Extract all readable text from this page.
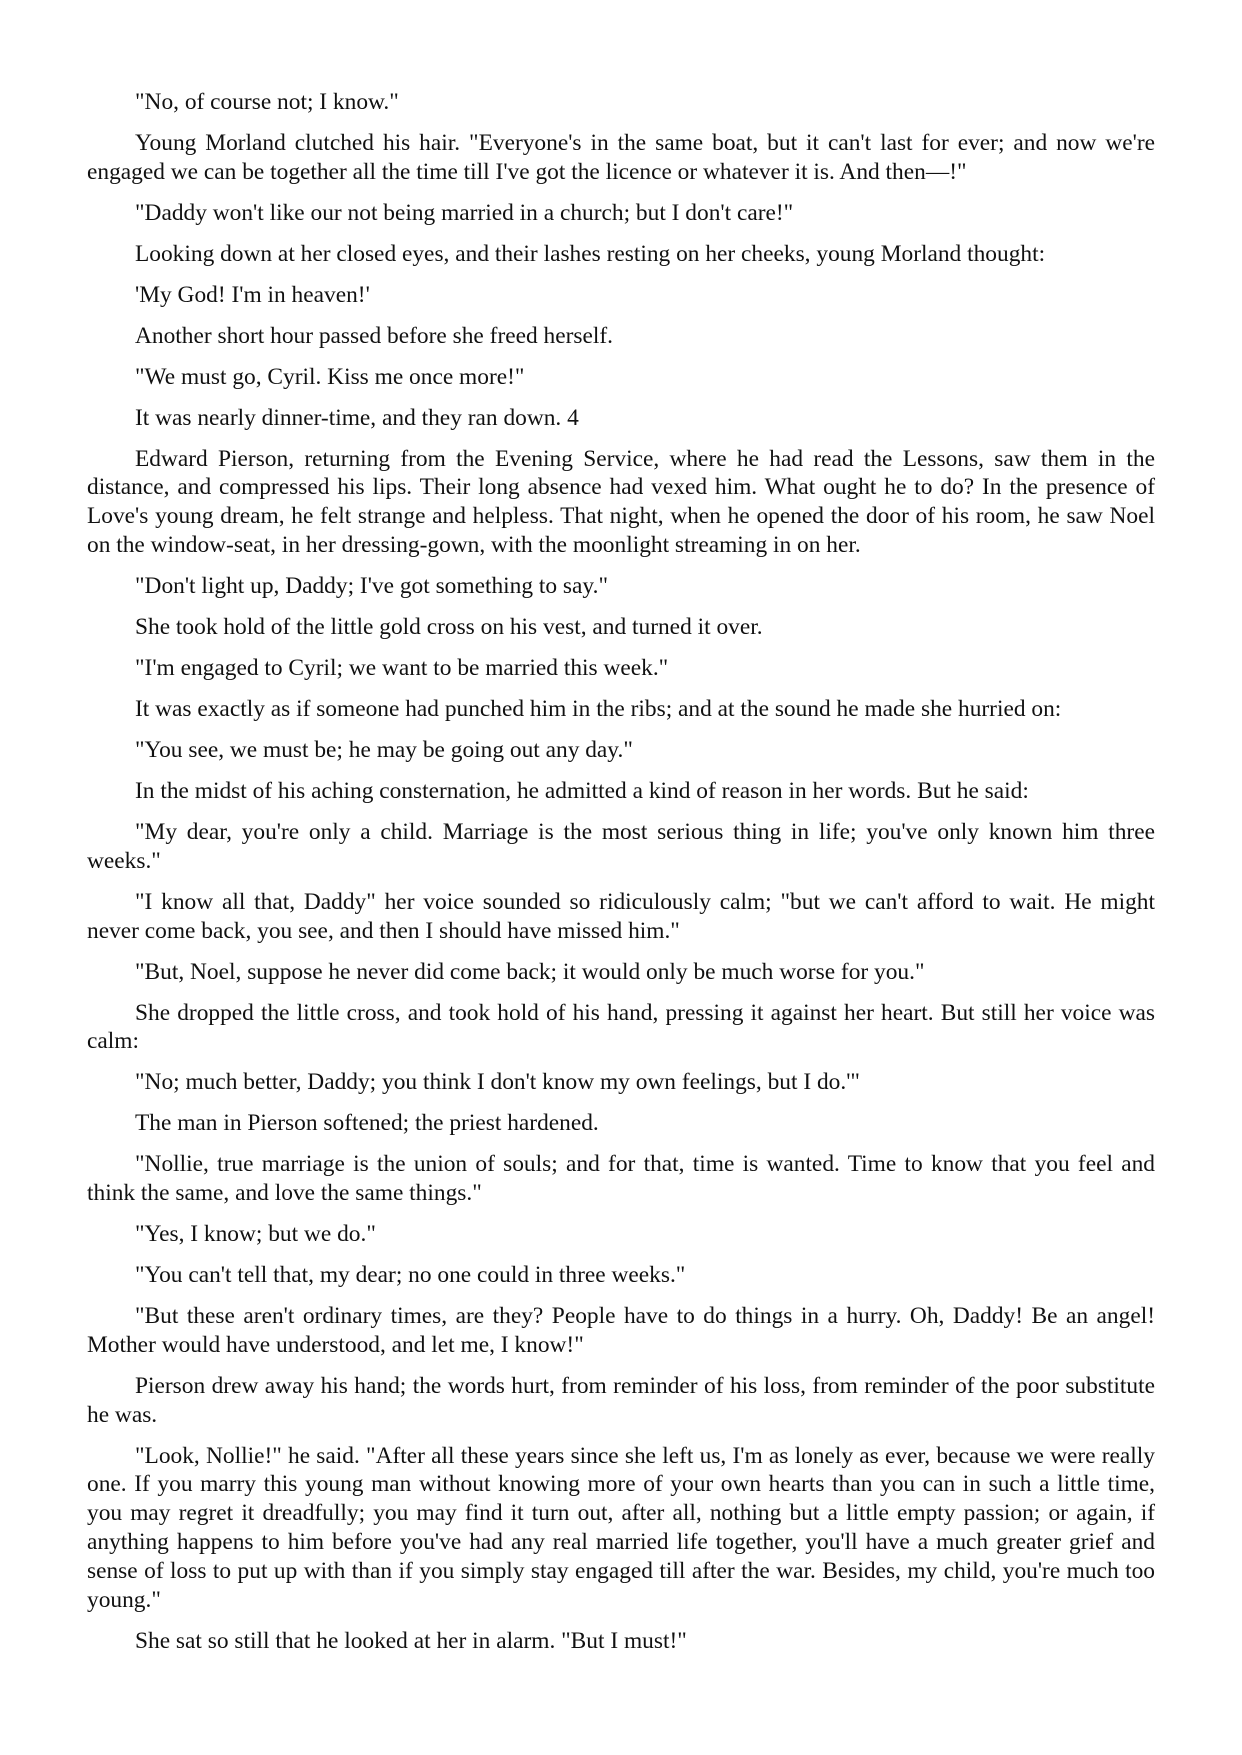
"No, of course not; I know."

Young Morland clutched his hair. "Everyone's in the same boat, but it can't last for ever; and now we're engaged we can be together all the time till I've got the licence or whatever it is. And then—!"

"Daddy won't like our not being married in a church; but I don't care!"

Looking down at her closed eyes, and their lashes resting on her cheeks, young Morland thought:

'My God! I'm in heaven!'

Another short hour passed before she freed herself.

"We must go, Cyril. Kiss me once more!"

It was nearly dinner-time, and they ran down. 4

Edward Pierson, returning from the Evening Service, where he had read the Lessons, saw them in the distance, and compressed his lips. Their long absence had vexed him. What ought he to do? In the presence of Love's young dream, he felt strange and helpless. That night, when he opened the door of his room, he saw Noel on the window-seat, in her dressing-gown, with the moonlight streaming in on her.

"Don't light up, Daddy; I've got something to say."

She took hold of the little gold cross on his vest, and turned it over.

"I'm engaged to Cyril; we want to be married this week."

It was exactly as if someone had punched him in the ribs; and at the sound he made she hurried on:

"You see, we must be; he may be going out any day."

In the midst of his aching consternation, he admitted a kind of reason in her words. But he said:

"My dear, you're only a child. Marriage is the most serious thing in life; you've only known him three weeks."

"I know all that, Daddy" her voice sounded so ridiculously calm; "but we can't afford to wait. He might never come back, you see, and then I should have missed him."

"But, Noel, suppose he never did come back; it would only be much worse for you."

She dropped the little cross, and took hold of his hand, pressing it against her heart. But still her voice was calm:

"No; much better, Daddy; you think I don't know my own feelings, but I do.'"

The man in Pierson softened; the priest hardened.

"Nollie, true marriage is the union of souls; and for that, time is wanted. Time to know that you feel and think the same, and love the same things."

"Yes, I know; but we do."

"You can't tell that, my dear; no one could in three weeks."

"But these aren't ordinary times, are they? People have to do things in a hurry. Oh, Daddy! Be an angel! Mother would have understood, and let me, I know!"

Pierson drew away his hand; the words hurt, from reminder of his loss, from reminder of the poor substitute he was.

"Look, Nollie!" he said. "After all these years since she left us, I'm as lonely as ever, because we were really one. If you marry this young man without knowing more of your own hearts than you can in such a little time, you may regret it dreadfully; you may find it turn out, after all, nothing but a little empty passion; or again, if anything happens to him before you've had any real married life together, you'll have a much greater grief and sense of loss to put up with than if you simply stay engaged till after the war. Besides, my child, you're much too young."

She sat so still that he looked at her in alarm. "But I must!"
